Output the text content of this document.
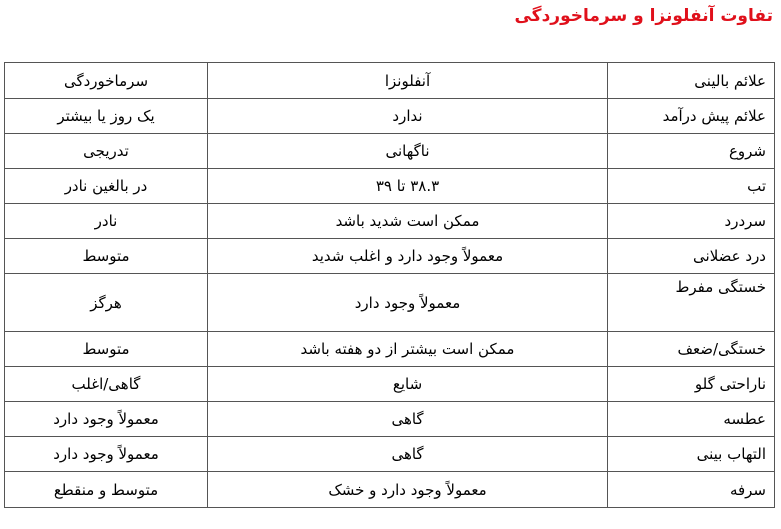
تفاوت آنفلونزا و سرماخوردگی
علائم بالینی	آنفلونزا	سرماخوردگی
علائم پیش درآمد	ندارد	یک روز یا بیشتر
شروع	ناگهانی	تدریجی
تب	۳۸.۳ تا ۳۹	در بالغین نادر
سردرد	ممکن است شدید باشد	نادر
درد عضلانی	معمولاً وجود دارد و اغلب شدید	متوسط
خستگی مفرط	معمولاً وجود دارد	هرگز
خستگی/ضعف	ممکن است بیشتر از دو هفته باشد	متوسط
ناراحتی گلو	شایع	گاهی/اغلب
عطسه	گاهی	معمولاً وجود دارد
التهاب بینی	گاهی	معمولاً وجود دارد
سرفه	معمولاً وجود دارد و خشک	متوسط و منقطع
